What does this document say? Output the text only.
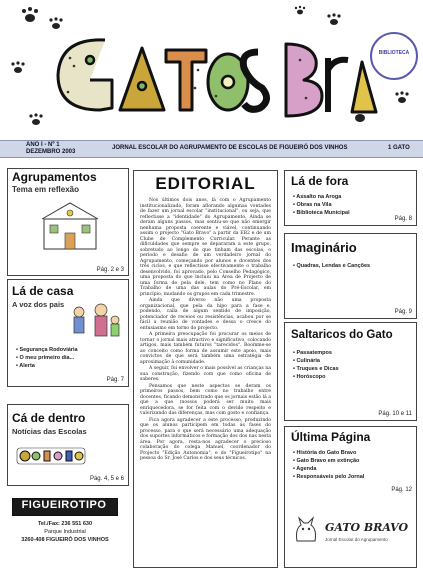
BIBLIOTECA
ANO I - Nº 1
DEZEMBRO 2003
JORNAL ESCOLAR DO AGRUPAMENTO DE ESCOLAS DE FIGUEIRÓ DOS VINHOS	1 GATO
Agrupamentos
Tema em reflexão
Pág. 2 e 3
Lá de casa
A voz dos pais
• Segurança Rodoviária
• O meu primeiro dia...
• Alerta
Pág. 7
Cá de dentro
Notícias das Escolas
Pág. 4, 5 e 6
FIGUEIROTIPO
Tel./Fax: 236 551 630
Parque Industrial
3260-408 FIGUEIRÓ DOS VINHOS
EDITORIAL

Nos últimos dois anos, lá com o Agrupamento institucionalizado, foram aflorando algumas vontades de fazer um jornal escolar "institucional", ou seja, que reflectisse a "identidade" do Agrupamento. Ainda se deram alguns passos, mas sentiu-se que não emergir nenhuma proposta coerente e viável, continuando assim o projecto "Gato Bravo" a partir da EB2 e de um Clube de Complemento Curricular. Perante as dificuldades que sempre se depararam a este grupo, sobretudo ao longo do que tinham das escolas, o período e desafio de um verdadeiro jornal do Agrupamento, começando por alunos e docentes dos três ciclos, e que reflectisse efectivamente o trabalho desenvolvido, foi aprovado, pelo Conselho Pedagógico, uma proposta do que incluiu na Área de Projecto de uma forma de pela dele, tem como no Plano do Trabalho de uma das aulas do Pré-Escolar, em princípio, mudando os grupos em cada trimestre.

Ainda que diverso não uma proposta organizacional, que pela da hipo para a fase e, podendo, caíla de algum sentido de imposição, potenciador de receios ou resistências, acabou por se fácil a reunião de vontades e dessa o cresce do entusiasmo em torno do projecto.

A primeira preocupação foi procurar os meios de tornar o jornal mais atractivo e significativo, colocando artigos, mais também futuros "tarecidos". Roomme-se ao conceito como forma de assumir este apoio, mais convictos de que será também uma estratégia de aproximação à comunidade.

A seguir, foi envolver o mais possível as crianças na sua construção, fizendo com que como ofícina de saberes.

Pensamos que neste aspectos se deram os primeiros passos, bem como no trabalho entre docentes, ficando demonstrado que os jornais estão lá a que a que (nossos poderá ser muito mais enriquecedora, se for feita com o devido respeito e valorizando das diferenças, mas com gosto e confiança.

Fica agora agradecer a este processo, produzindo que os alunos participem em todas as fases do processo, para o que será necessário uma adequação dos suportes informáticos e formação dos dos nas nesta área. Por agora, resta-nos agradecer o precioso colaboração do colega Manuel, coordenador do Projecto "Edição Autonomia", e do "Figueirotipo" na pessoa do Sr. José Carlos e dos seus técnicos.

Lá de fora
• Assalto na Aroga
• Obras na Vila
• Biblioteca Municipal
Pág. 8
Imaginário
• Quadras, Lendas e Canções
Pág. 9
Saltaricos do Gato
• Passatempos
• Culinária
• Truques e Dicas
• Horóscopo
Pág. 10 e 11
Última Página
• História do Gato Bravo
• Gato Bravo em extinção
• Agenda
• Responsáveis pelo Jornal
Pág. 12
GATO BRAVO
Jornal Escolar do Agrupamento
